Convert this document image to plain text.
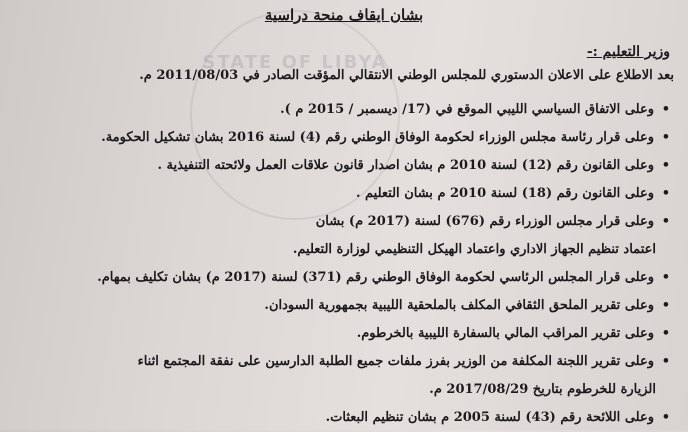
STATE OF LIBYA
بشان ايقاف منحة دراسية
وزير التعليم :-
بعد الاطلاع على الاعلان الدستوري للمجلس الوطني الانتقالي المؤقت الصادر في 2011/08/03 م.
•
وعلى الاتفاق السياسي الليبي الموقع في (17/ ديسمبر / 2015 م ).
•
وعلى قرار رئاسة مجلس الوزراء لحكومة الوفاق الوطني رقم (4) لسنة 2016 بشان تشكيل الحكومة.
•
وعلى القانون رقم (12) لسنة 2010 م بشان اصدار قانون علاقات العمل ولائحته التنفيذية .
•
وعلى القانون رقم (18) لسنة 2010 م بشان التعليم .
•
وعلى قرار مجلس الوزراء رقم (676) لسنة (2017 م) بشان
اعتماد تنظيم الجهاز الاداري واعتماد الهيكل التنظيمي لوزارة التعليم.
•
وعلى قرار المجلس الرئاسي لحكومة الوفاق الوطني رقم (371) لسنة (2017 م) بشان تكليف بمهام.
•
وعلى تقرير الملحق الثقافي المكلف بالملحقية الليبية بجمهورية السودان.
•
وعلى تقرير المراقب المالي بالسفارة الليبية بالخرطوم.
•
وعلى تقرير اللجنة المكلفة من الوزير بفرز ملفات جميع الطلبة الدارسين على نفقة المجتمع اثناء
الزيارة للخرطوم بتاريخ 2017/08/29 م.
•
وعلى اللائحة رقم (43) لسنة 2005 م بشان تنظيم البعثات.
